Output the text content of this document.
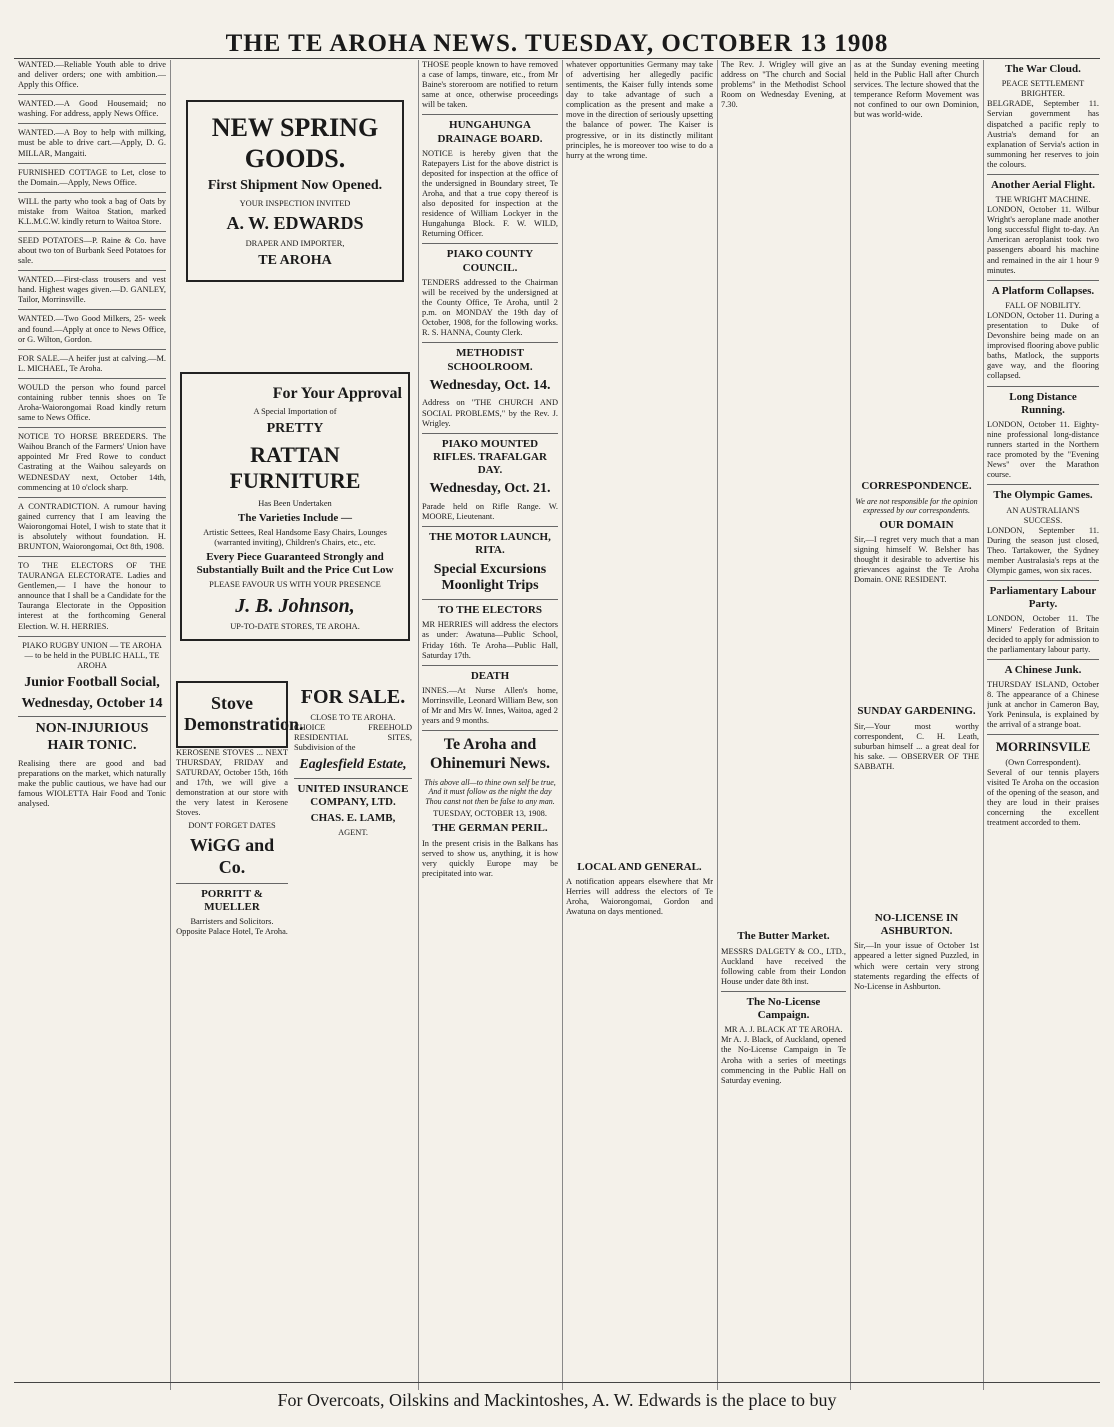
THE TE AROHA NEWS. TUESDAY, OCTOBER 13 1908

WANTED.—Reliable Youth able to drive and deliver orders; one with ambition.—Apply this Office.

WANTED.—A Good Housemaid; no washing. For address, apply News Office.

WANTED.—A Boy to help with milking, must be able to drive cart.—Apply, D. G. MILLAR, Mangaiti.

FURNISHED COTTAGE to Let, close to the Domain.—Apply, News Office.

WILL the party who took a bag of Oats by mistake from Waitoa Station, marked K.L.M.C.W. kindly return to Waitoa Store.

SEED POTATOES—P. Raine & Co. have about two ton of Burbank Seed Potatoes for sale.

WANTED.—First-class trousers and vest hand. Highest wages given.—D. GANLEY, Tailor, Morrinsville.

WANTED.—Two Good Milkers, 25- week and found.—Apply at once to News Office, or G. Wilton, Gordon.

FOR SALE.—A heifer just at calving.—M. L. MICHAEL, Te Aroha.

WOULD the person who found parcel containing rubber tennis shoes on Te Aroha-Waiorongomai Road kindly return same to News Office.

NOTICE TO HORSE BREEDERS. The Waihou Branch of the Farmers' Union have appointed Mr Fred Rowe to conduct Castrating at the Waihou saleyards on WEDNESDAY next, October 14th, commencing at 10 o'clock sharp.

A CONTRADICTION. A rumour having gained currency that I am leaving the Waiorongomai Hotel, I wish to state that it is absolutely without foundation. H. BRUNTON, Waiorongomai, Oct 8th, 1908.

TO THE ELECTORS OF THE TAURANGA ELECTORATE. Ladies and Gentlemen,— I have the honour to announce that I shall be a Candidate for the Tauranga Electorate in the Opposition interest at the forthcoming General Election. W. H. HERRIES.

PIAKO RUGBY UNION — TE AROHA — to be held in the PUBLIC HALL, TE AROHA

Junior Football Social,
Wednesday, October 14
NON-INJURIOUS HAIR TONIC.

Realising there are good and bad preparations on the market, which naturally make the public cautious, we have had our famous WIOLETTA Hair Food and Tonic analysed.

NEW SPRING GOODS.
First Shipment Now Opened.
YOUR INSPECTION INVITED
A. W. EDWARDS
DRAPER AND IMPORTER,
TE AROHA
For Your Approval
A Special Importation of
PRETTY
RATTAN FURNITURE
Has Been Undertaken
The Varieties Include —
Artistic Settees, Real Handsome Easy Chairs, Lounges (warranted inviting), Children's Chairs, etc., etc.
Every Piece Guaranteed Strongly and Substantially Built and the Price Cut Low
PLEASE FAVOUR US WITH YOUR PRESENCE
J. B. Johnson,
UP-TO-DATE STORES, TE AROHA.
Stove Demonstration.

KEROSENE STOVES ... NEXT THURSDAY, FRIDAY and SATURDAY, October 15th, 16th and 17th, we will give a demonstration at our store with the very latest in Kerosene Stoves.

DON'T FORGET DATES
WiGG and Co.
PORRITT & MUELLER
Barristers and Solicitors.
Opposite Palace Hotel, Te Aroha.
FOR SALE.
CLOSE TO TE AROHA.

CHOICE FREEHOLD RESIDENTIAL SITES, Subdivision of the

Eaglesfield Estate,
UNITED INSURANCE COMPANY, LTD.
CHAS. E. LAMB,
AGENT.

THOSE people known to have removed a case of lamps, tinware, etc., from Mr Baine's storeroom are notified to return same at once, otherwise proceedings will be taken.

HUNGAHUNGA DRAINAGE BOARD.

NOTICE is hereby given that the Ratepayers List for the above district is deposited for inspection at the office of the undersigned in Boundary street, Te Aroha, and that a true copy thereof is also deposited for inspection at the residence of William Lockyer in the Hungahunga Block. F. W. WILD, Returning Officer.

PIAKO COUNTY COUNCIL.

TENDERS addressed to the Chairman will be received by the undersigned at the County Office, Te Aroha, until 2 p.m. on MONDAY the 19th day of October, 1908, for the following works. R. S. HANNA, County Clerk.

METHODIST SCHOOLROOM.
Wednesday, Oct. 14.

Address on "THE CHURCH AND SOCIAL PROBLEMS," by the Rev. J. Wrigley.

PIAKO MOUNTED RIFLES. TRAFALGAR DAY.
Wednesday, Oct. 21.

Parade held on Rifle Range. W. MOORE, Lieutenant.

THE MOTOR LAUNCH, RITA.
Special Excursions Moonlight Trips
TO THE ELECTORS

MR HERRIES will address the electors as under: Awatuna—Public School, Friday 16th. Te Aroha—Public Hall, Saturday 17th.

DEATH

INNES.—At Nurse Allen's home, Morrinsville, Leonard William Bew, son of Mr and Mrs W. Innes, Waitoa, aged 2 years and 9 months.

Te Aroha and Ohinemuri News.

This above all—to thine own self be true, And it must follow as the night the day Thou canst not then be false to any man.

TUESDAY, OCTOBER 13, 1908.
THE GERMAN PERIL.

In the present crisis in the Balkans has served to show us, anything, it is how very quickly Europe may be precipitated into war.

whatever opportunities Germany may take of advertising her allegedly pacific sentiments, the Kaiser fully intends some day to take advantage of such a complication as the present and make a move in the direction of seriously upsetting the balance of power. The Kaiser is progressive, or in its distinctly militant principles, he is moreover too wise to do a hurry at the wrong time.

LOCAL AND GENERAL.

A notification appears elsewhere that Mr Herries will address the electors of Te Aroha, Waiorongomai, Gordon and Awatuna on days mentioned.

The Rev. J. Wrigley will give an address on "The church and Social problems" in the Methodist School Room on Wednesday Evening, at 7.30.

The Butter Market.

MESSRS DALGETY & CO., LTD., Auckland have received the following cable from their London House under date 8th inst.

The No-License Campaign.
MR A. J. BLACK AT TE AROHA.

Mr A. J. Black, of Auckland, opened the No-License Campaign in Te Aroha with a series of meetings commencing in the Public Hall on Saturday evening.

as at the Sunday evening meeting held in the Public Hall after Church services. The lecture showed that the temperance Reform Movement was not confined to our own Dominion, but was world-wide.

CORRESPONDENCE.

We are not responsible for the opinion expressed by our correspondents.

OUR DOMAIN

Sir,—I regret very much that a man signing himself W. Belsher has thought it desirable to advertise his grievances against the Te Aroha Domain. ONE RESIDENT.

SUNDAY GARDENING.

Sir,—Your most worthy correspondent, C. H. Leath, suburban himself ... a great deal for his sake. — OBSERVER OF THE SABBATH.

NO-LICENSE IN ASHBURTON.

Sir,—In your issue of October 1st appeared a letter signed Puzzled, in which were certain very strong statements regarding the effects of No-License in Ashburton.

The War Cloud.
PEACE SETTLEMENT BRIGHTER.

BELGRADE, September 11. Servian government has dispatched a pacific reply to Austria's demand for an explanation of Servia's action in summoning her reserves to join the colours.

Another Aerial Flight.
THE WRIGHT MACHINE.

LONDON, October 11. Wilbur Wright's aeroplane made another long successful flight to-day. An American aeroplanist took two passengers aboard his machine and remained in the air 1 hour 9 minutes.

A Platform Collapses.
FALL OF NOBILITY.

LONDON, October 11. During a presentation to Duke of Devonshire being made on an improvised flooring above public baths, Matlock, the supports gave way, and the flooring collapsed.

Long Distance Running.

LONDON, October 11. Eighty-nine professional long-distance runners started in the Northern race promoted by the "Evening News" over the Marathon course.

The Olympic Games.
AN AUSTRALIAN'S SUCCESS.

LONDON, September 11. During the season just closed, Theo. Tartakower, the Sydney member Australasia's reps at the Olympic games, won six races.

Parliamentary Labour Party.

LONDON, October 11. The Miners' Federation of Britain decided to apply for admission to the parliamentary labour party.

A Chinese Junk.

THURSDAY ISLAND, October 8. The appearance of a Chinese junk at anchor in Cameron Bay, York Peninsula, is explained by the arrival of a strange boat.

MORRINSVILE
(Own Correspondent).

Several of our tennis players visited Te Aroha on the occasion of the opening of the season, and they are loud in their praises concerning the excellent treatment accorded to them.

For Overcoats, Oilskins and Mackintoshes, A. W. Edwards is the place to buy
